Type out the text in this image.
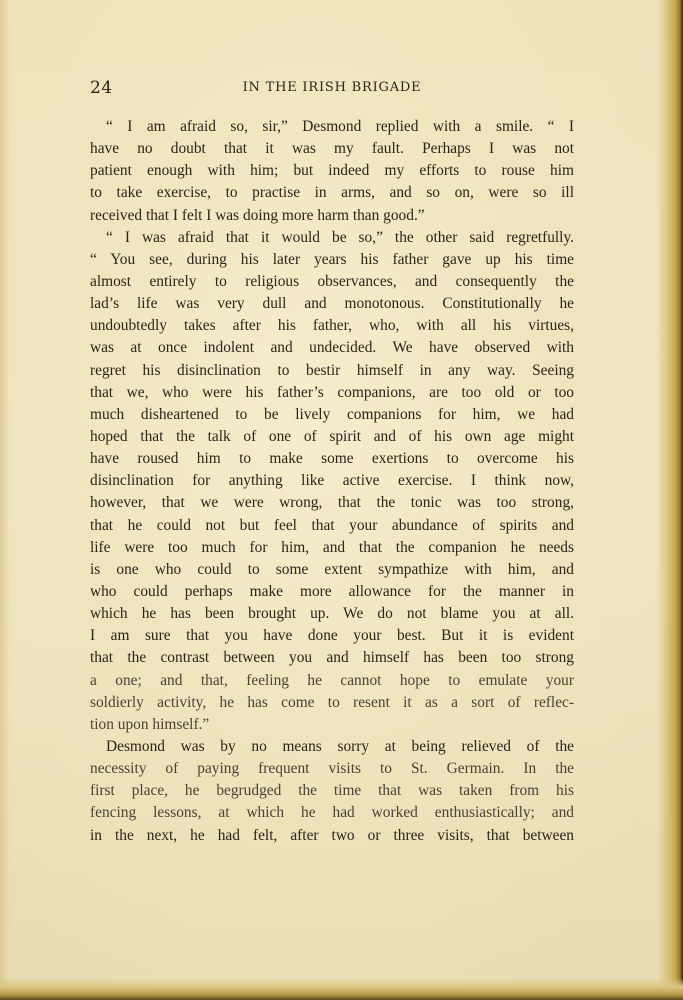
24	IN THE IRISH BRIGADE
“ I am afraid so, sir,” Desmond replied with a smile. “ I
have no doubt that it was my fault. Perhaps I was not
patient enough with him; but indeed my efforts to rouse him
to take exercise, to practise in arms, and so on, were so ill
received that I felt I was doing more harm than good.”
“ I was afraid that it would be so,” the other said regretfully.
“ You see, during his later years his father gave up his time
almost entirely to religious observances, and consequently the
lad’s life was very dull and monotonous. Constitutionally he
undoubtedly takes after his father, who, with all his virtues,
was at once indolent and undecided. We have observed with
regret his disinclination to bestir himself in any way. Seeing
that we, who were his father’s companions, are too old or too
much disheartened to be lively companions for him, we had
hoped that the talk of one of spirit and of his own age might
have roused him to make some exertions to overcome his
disinclination for anything like active exercise. I think now,
however, that we were wrong, that the tonic was too strong,
that he could not but feel that your abundance of spirits and
life were too much for him, and that the companion he needs
is one who could to some extent sympathize with him, and
who could perhaps make more allowance for the manner in
which he has been brought up. We do not blame you at all.
I am sure that you have done your best. But it is evident
that the contrast between you and himself has been too strong
a one; and that, feeling he cannot hope to emulate your
soldierly activity, he has come to resent it as a sort of reflec-
tion upon himself.”
Desmond was by no means sorry at being relieved of the
necessity of paying frequent visits to St. Germain. In the
first place, he begrudged the time that was taken from his
fencing lessons, at which he had worked enthusiastically; and
in the next, he had felt, after two or three visits, that between
